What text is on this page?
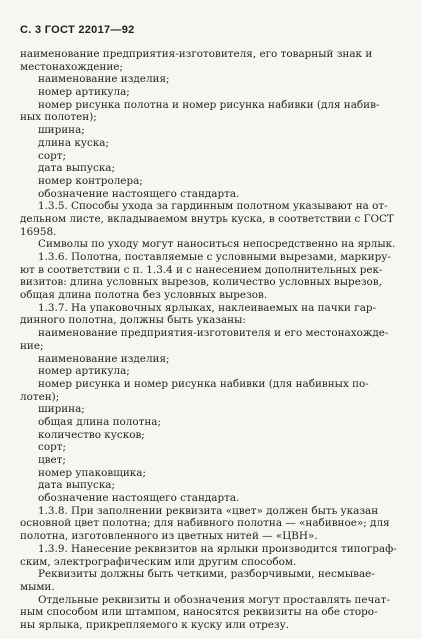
С. 3 ГОСТ 22017—92
наименование предприятия-изготовителя, его товарный знак и
местонахождение;
наименование изделия;
номер артикула;
номер рисунка полотна и номер рисунка набивки (для набив-
ных полотен);
ширина;
длина куска;
сорт;
дата выпуска;
номер контролера;
обозначение настоящего стандарта.
1.3.5. Способы ухода за гардинным полотном указывают на от-
дельном листе, вкладываемом внутрь куска, в соответствии с ГОСТ
16958.
Символы по уходу могут наноситься непосредственно на ярлык.
1.3.6. Полотна, поставляемые с условными вырезами, маркиру-
ют в соответствии с п. 1.3.4 и с нанесением дополнительных рек-
визитов: длина условных вырезов, количество условных вырезов,
общая длина полотна без условных вырезов.
1.3.7. На упаковочных ярлыках, наклеиваемых на пачки гар-
динного полотна, должны быть указаны:
наименование предприятия-изготовителя и его местонахожде-
ние;
наименование изделия;
номер артикула;
номер рисунка и номер рисунка набивки (для набивных по-
лотен);
ширина;
общая длина полотна;
количество кусков;
сорт;
цвет;
номер упаковщика;
дата выпуска;
обозначение настоящего стандарта.
1.3.8. При заполнении реквизита «цвет» должен быть указан
основной цвет полотна; для набивного полотна — «набивное»; для
полотна, изготовленного из цветных нитей — «ЦВН».
1.3.9. Нанесение реквизитов на ярлыки производится типограф-
ским, электрографическим или другим способом.
Реквизиты должны быть четкими, разборчивыми, несмывае-
мыми.
Отдельные реквизиты и обозначения могут проставлять печат-
ным способом или штампом, наносятся реквизиты на обе сторо-
ны ярлыка, прикрепляемого к куску или отрезу.
